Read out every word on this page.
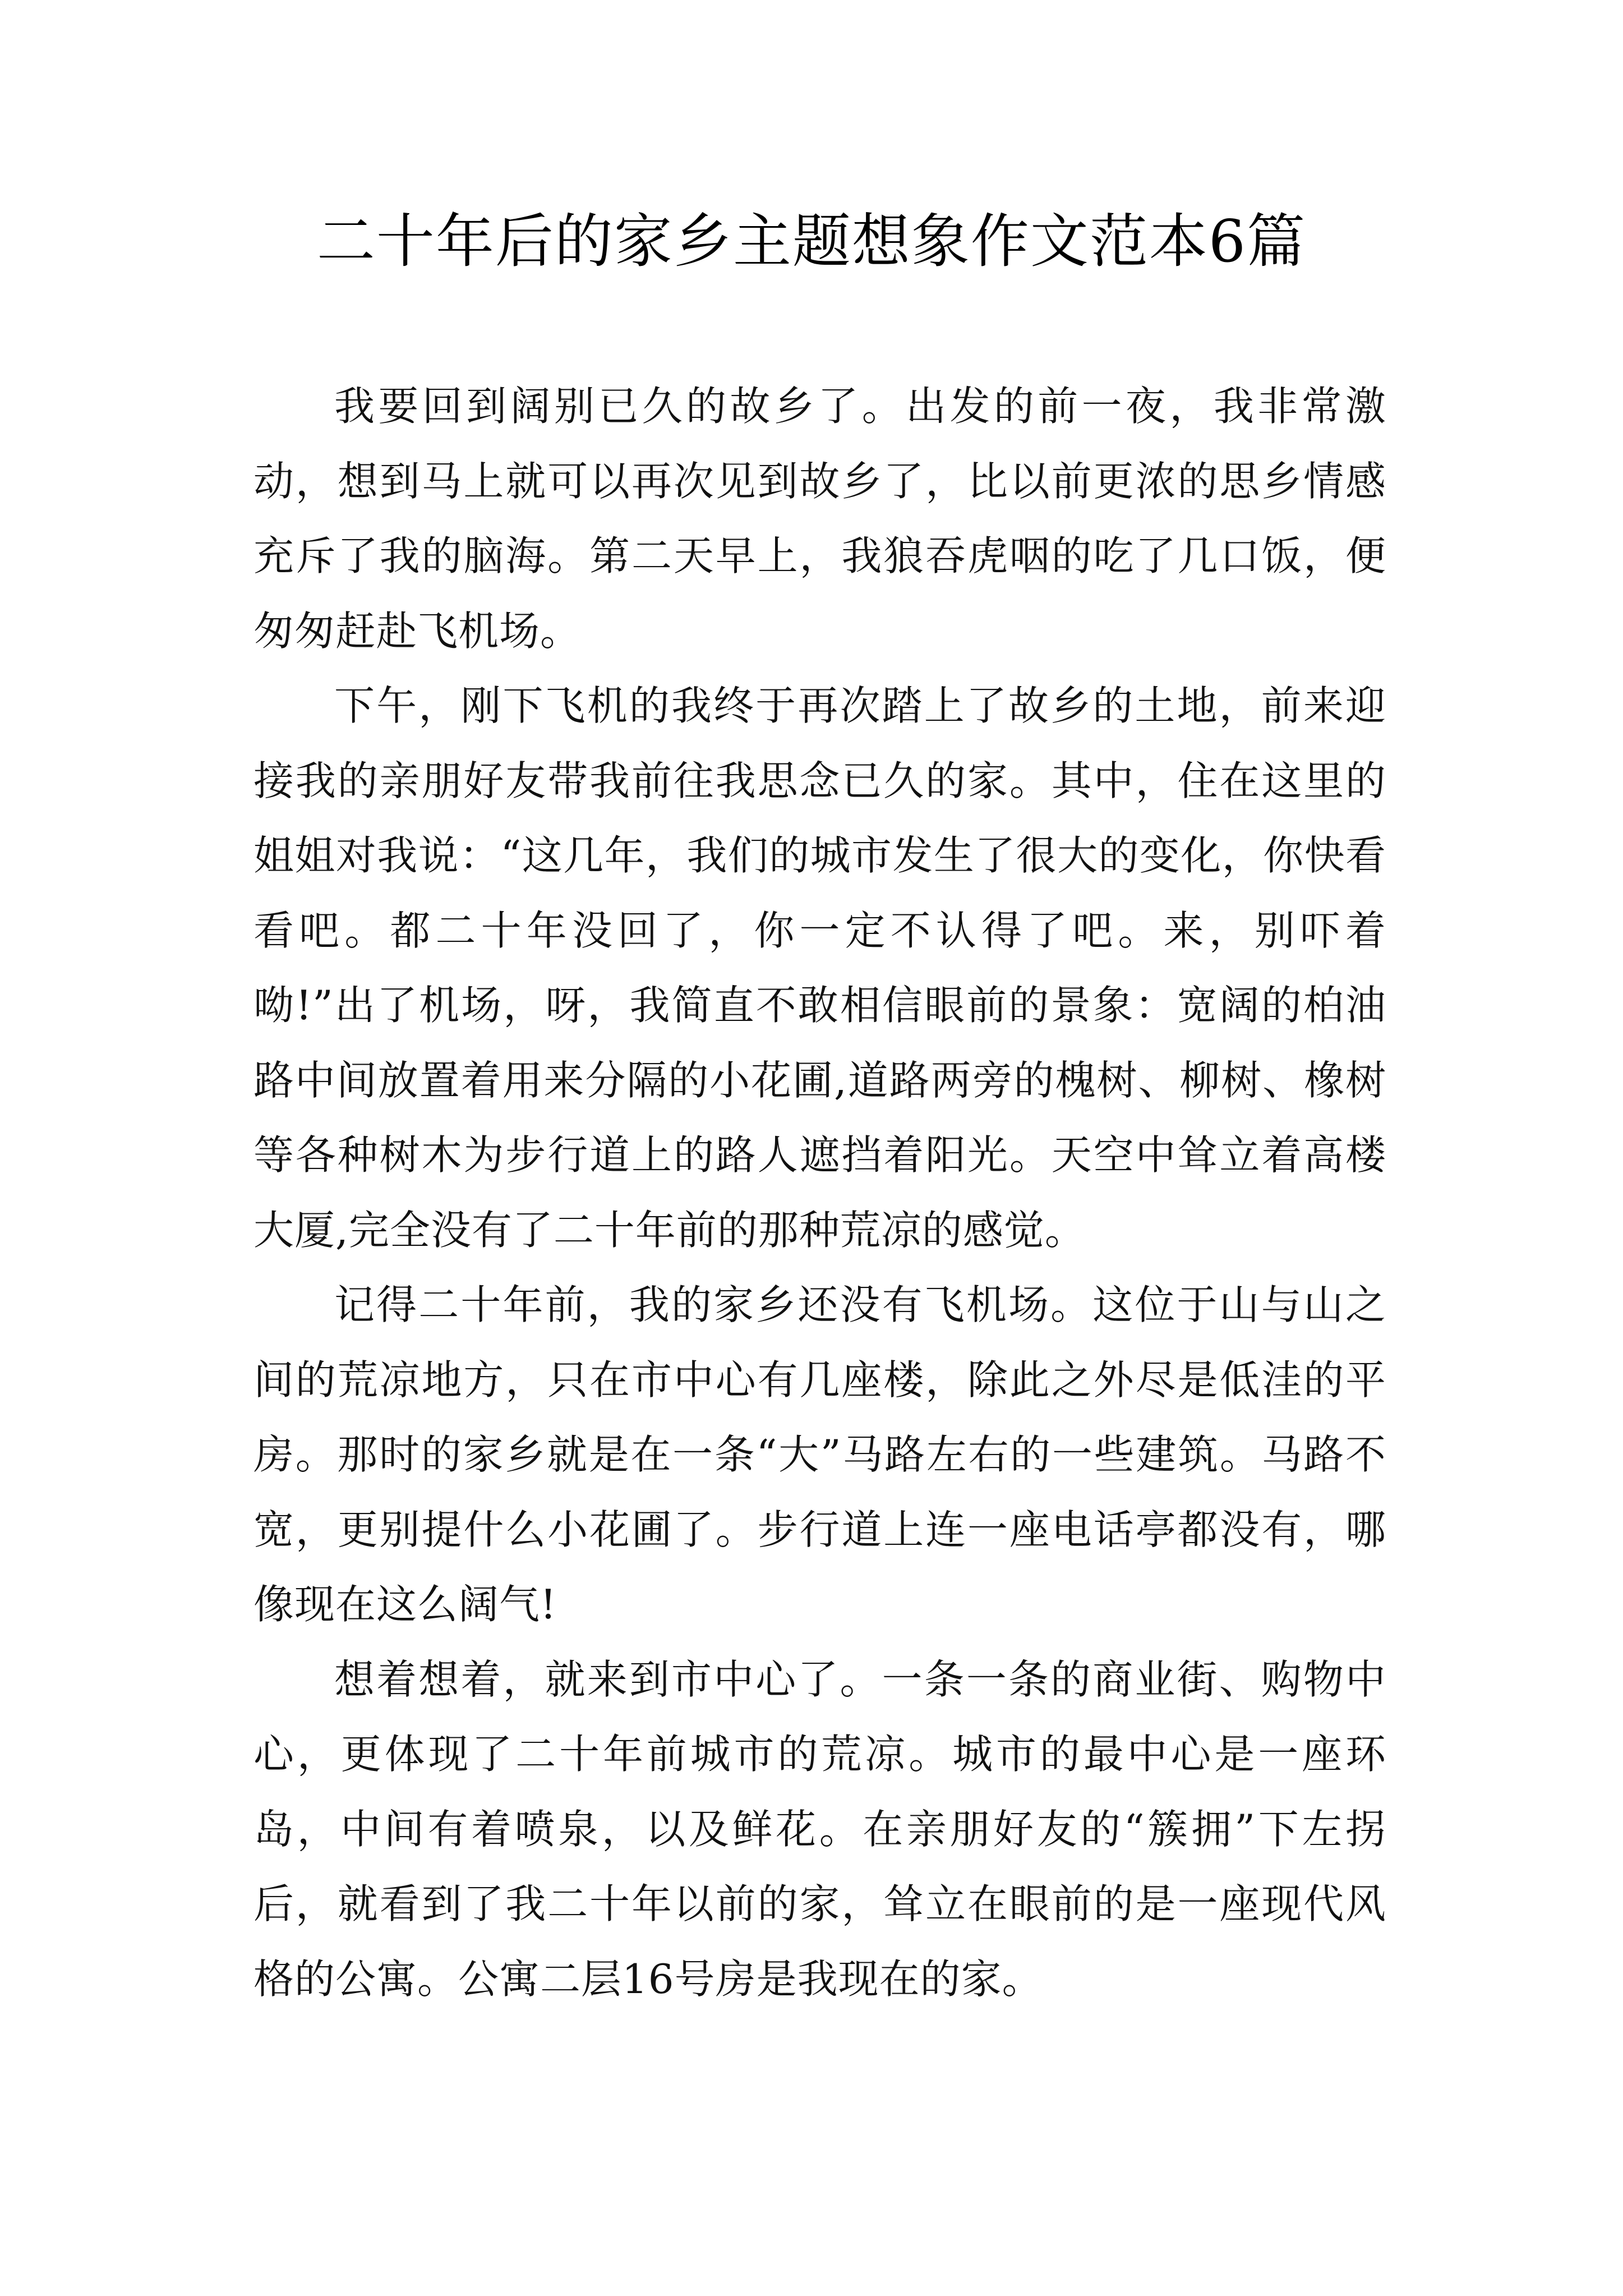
二十年后的家乡主题想象作文范本6篇

我要回到阔别已久的故乡了。出发的前一夜，我非常激动，想到马上就可以再次见到故乡了，比以前更浓的思乡情感充斥了我的脑海。第二天早上，我狼吞虎咽的吃了几口饭，便匆匆赶赴飞机场。

下午，刚下飞机的我终于再次踏上了故乡的土地，前来迎接我的亲朋好友带我前往我思念已久的家。其中，住在这里的姐姐对我说：“这几年，我们的城市发生了很大的变化，你快看看吧。都二十年没回了，你一定不认得了吧。来，别吓着呦!”出了机场，呀，我简直不敢相信眼前的景象：宽阔的柏油路中间放置着用来分隔的小花圃,道路两旁的槐树、柳树、橡树等各种树木为步行道上的路人遮挡着阳光。天空中耸立着高楼大厦,完全没有了二十年前的那种荒凉的感觉。

记得二十年前，我的家乡还没有飞机场。这位于山与山之间的荒凉地方，只在市中心有几座楼，除此之外尽是低洼的平房。那时的家乡就是在一条“大”马路左右的一些建筑。马路不宽，更别提什么小花圃了。步行道上连一座电话亭都没有，哪像现在这么阔气!

想着想着，就来到市中心了。一条一条的商业街、购物中心，更体现了二十年前城市的荒凉。城市的最中心是一座环岛，中间有着喷泉，以及鲜花。在亲朋好友的“簇拥”下左拐后，就看到了我二十年以前的家，耸立在眼前的是一座现代风格的公寓。公寓二层16号房是我现在的家。
